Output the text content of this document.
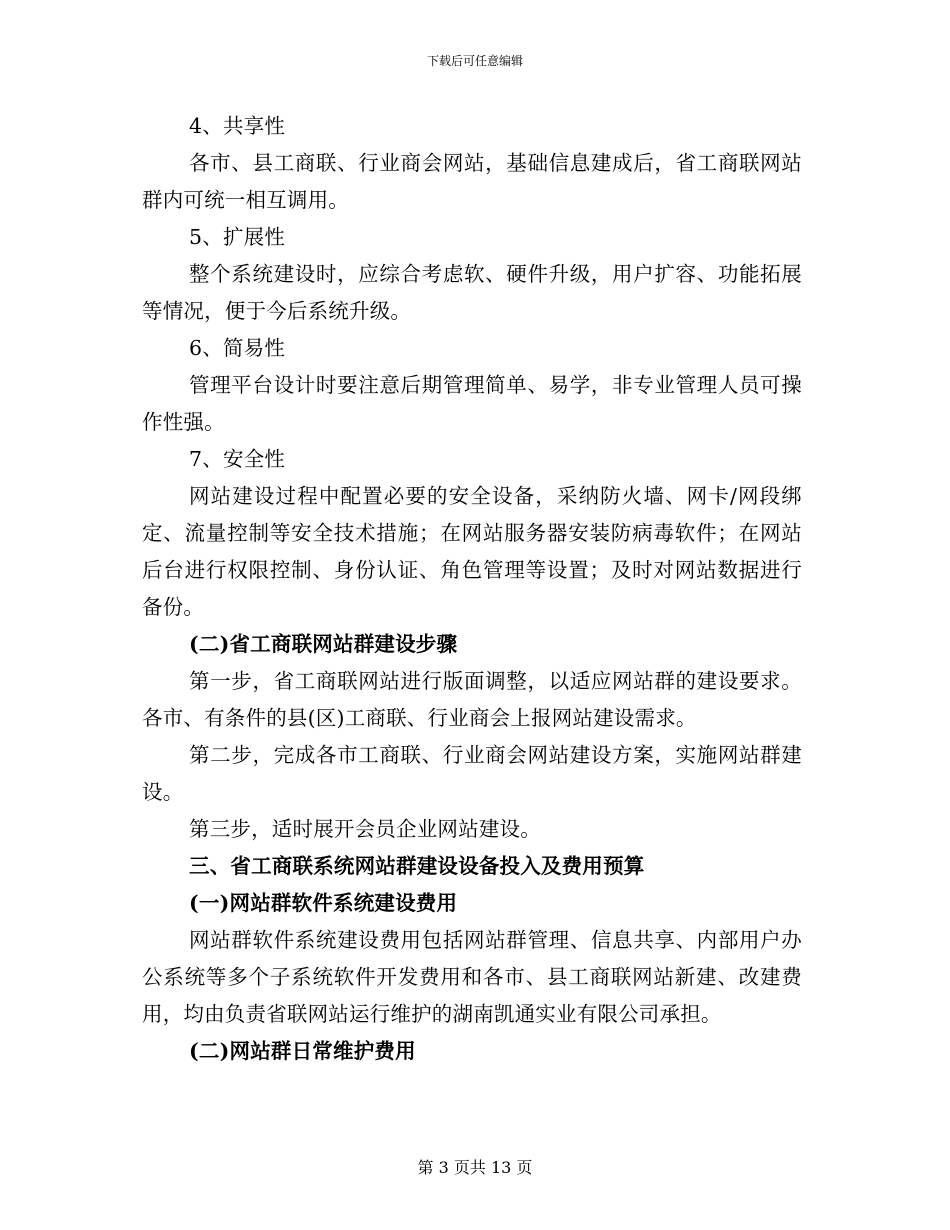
下载后可任意编辑

4、共享性

各市、县工商联、行业商会网站，基础信息建成后，省工商联网站群内可统一相互调用。

5、扩展性

整个系统建设时，应综合考虑软、硬件升级，用户扩容、功能拓展等情况，便于今后系统升级。

6、简易性

管理平台设计时要注意后期管理简单、易学，非专业管理人员可操作性强。

7、安全性

网站建设过程中配置必要的安全设备，采纳防火墙、网卡/网段绑定、流量控制等安全技术措施；在网站服务器安装防病毒软件；在网站后台进行权限控制、身份认证、角色管理等设置；及时对网站数据进行备份。

(二)省工商联网站群建设步骤

第一步，省工商联网站进行版面调整，以适应网站群的建设要求。各市、有条件的县(区)工商联、行业商会上报网站建设需求。

第二步，完成各市工商联、行业商会网站建设方案，实施网站群建设。

第三步，适时展开会员企业网站建设。

三、省工商联系统网站群建设设备投入及费用预算

(一)网站群软件系统建设费用

网站群软件系统建设费用包括网站群管理、信息共享、内部用户办公系统等多个子系统软件开发费用和各市、县工商联网站新建、改建费用，均由负责省联网站运行维护的湖南凯通实业有限公司承担。

(二)网站群日常维护费用

第 3 页共 13 页
